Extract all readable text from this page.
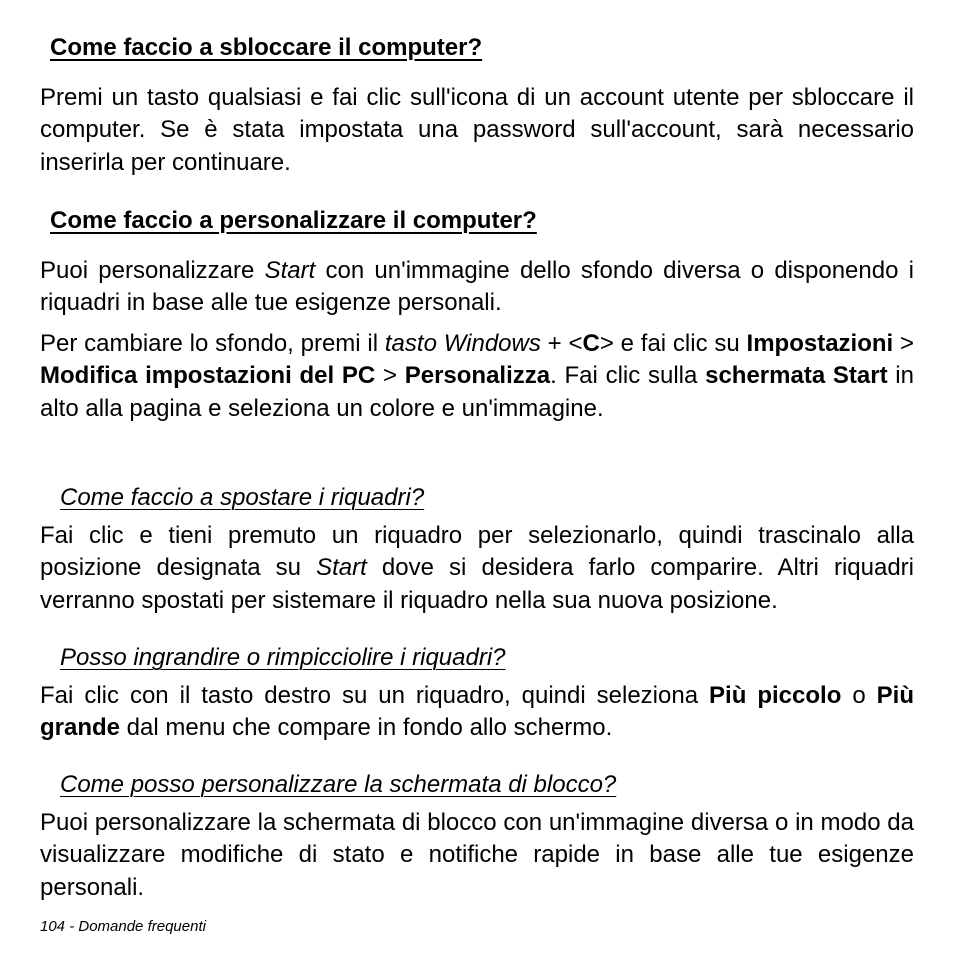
Come faccio a sbloccare il computer?

Premi un tasto qualsiasi e fai clic sull'icona di un account utente per sbloccare il computer. Se è stata impostata una password sull'account, sarà necessario inserirla per continuare.

Come faccio a personalizzare il computer?

Puoi personalizzare Start con un'immagine dello sfondo diversa o disponendo i riquadri in base alle tue esigenze personali.

Per cambiare lo sfondo, premi il tasto Windows + <C> e fai clic su Impostazioni > Modifica impostazioni del PC > Personalizza. Fai clic sulla schermata Start in alto alla pagina e seleziona un colore e un'immagine.

Come faccio a spostare i riquadri?

Fai clic e tieni premuto un riquadro per selezionarlo, quindi trascinalo alla posizione designata su Start dove si desidera farlo comparire. Altri riquadri verranno spostati per sistemare il riquadro nella sua nuova posizione.

Posso ingrandire o rimpicciolire i riquadri?

Fai clic con il tasto destro su un riquadro, quindi seleziona Più piccolo o Più grande dal menu che compare in fondo allo schermo.

Come posso personalizzare la schermata di blocco?

Puoi personalizzare la schermata di blocco con un'immagine diversa o in modo da visualizzare modifiche di stato e notifiche rapide in base alle tue esigenze personali.

104 - Domande frequenti
